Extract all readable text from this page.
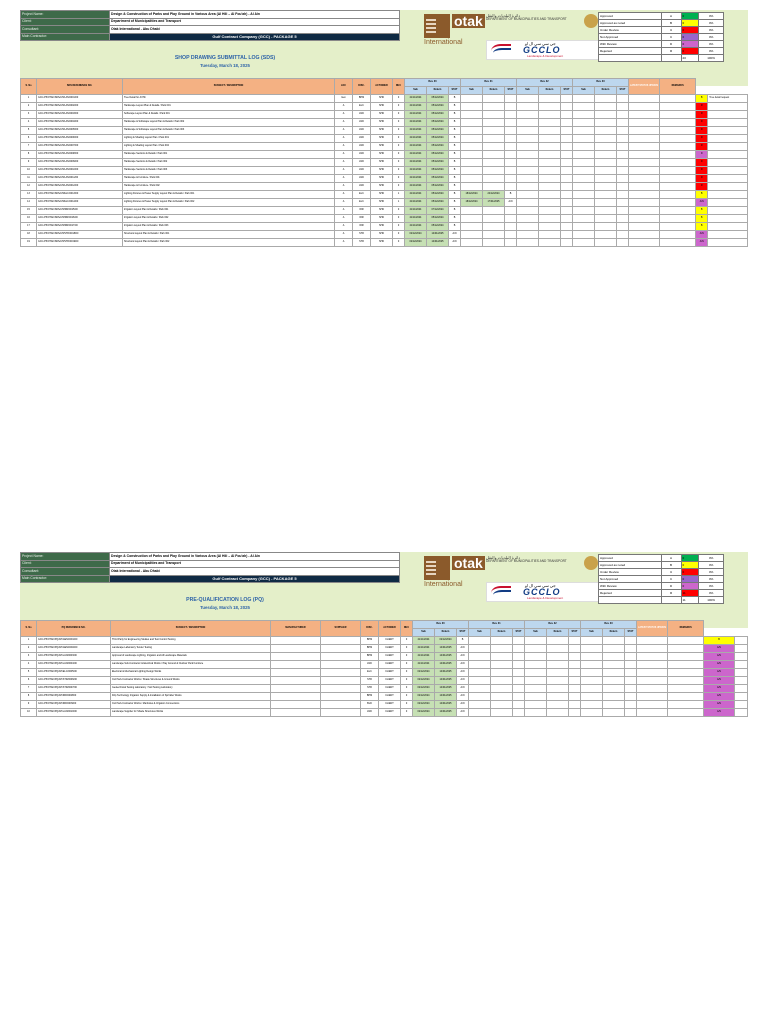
Project Name:	Design & Construction of Parks and Play Ground in Various Area (Al Hili – Al Fou'ah) - Al Ain
Client:	Department of Municipalities and Transport
Consultant:	Otak International - Abu Dhabi
Main Contractor:	Gulf Contract Company (GCC) - PACKAGE 5
SHOP DRAWING SUBMITTAL LOG (SDS)
Tuesday, March 18, 2025
otak
International
دائرة البلديات والنقل
DEPARTMENT OF MUNICIPALITIES AND TRANSPORT
جي سي سي ال او
GCCLO
Landscape & Development
Approved	A	0	0%
Approved as noted	B	0	0%
Under Review	U	0	0%
Not Approved	C	0	0%
With Review	D	0	0%
Rejected	R	0	0%
		20	100%
S. No	SDS REFERENCE NO.	SUBJECT / DESCRIPTION	LOC	DISC.	ACTIONER	REV.	Rev. 00			Rev. 01			Rev. 02			Rev. 03			LATEST STATUS UPDATE	REMARKS		
							Sub	Return	STAT	Sub	Return	STAT	Sub	Return	STAT	Sub	Return	STAT				
1	GCC-P5/OTAK/SDS/AH/LAN/0001/00	Tree Detail for Al Hili	Gen	BPM	SHD	0	21/11/2024	05/12/2024	B												B	Tree detail request
2	GCC-P5/OTAK/SDS/AH/LAN/0002/00	Hardscape Layout Plan & Details / Park 001	A	ELC	SHD	0	21/11/2024	05/12/2024	B												R	
3	GCC-P5/OTAK/SDS/AH/LAN/0003/00	Softscape Layout Plan & Details / Park 001	A	LND	SHD	0	21/11/2024	05/12/2024	B												R	
4	GCC-P5/OTAK/SDS/AH/LAN/0004/00	Hardscape & Softscape Layout Plan & Details / Park 002	A	LND	SHD	0	21/11/2024	05/12/2024	B												R	
5	GCC-P5/OTAK/SDS/AH/LAN/0005/00	Hardscape & Softscape Layout Plan & Details / Park 003	A	LND	SHD	0	21/11/2024	05/12/2024	B												R	
6	GCC-P5/OTAK/SDS/AH/LAN/0006/00	Lighting & Shading Layout Plan / Park 001	A	LND	SHD	0	21/11/2024	05/12/2024	B												R	
7	GCC-P5/OTAK/SDS/AH/LAN/0007/00	Lighting & Shading Layout Plan / Park 002	A	LND	SHD	0	21/11/2024	05/12/2024	B												R	
8	GCC-P5/OTAK/SDS/AH/LAN/0008/00	Hardscape Sections & Details / Park 001	A	LND	SHD	0	21/11/2024	05/12/2024	B												D	
9	GCC-P5/OTAK/SDS/AH/LAN/0009/00	Hardscape Sections & Details / Park 002	A	LND	SHD	0	21/11/2024	05/12/2024	B												R	
10	GCC-P5/OTAK/SDS/AH/LAN/0010/00	Hardscape Sections & Details / Park 003	A	LND	SHD	0	21/11/2024	05/12/2024	B												R	
11	GCC-P5/OTAK/SDS/AH/LAN/0011/00	Hardscape & Furniture / Park 001	A	LND	SHD	0	21/11/2024	05/12/2024	B												R	
12	GCC-P5/OTAK/SDS/AH/LAN/0012/00	Hardscape & Furniture / Park 002	A	LND	SHD	0	21/11/2024	05/12/2024	B												R	
13	GCC-P5/OTAK/SDS/AH/ELC/0013/00	Lighting Fixtures & Power Supply Layout Plan & Details / Park 001	A	ELC	SHD	1	21/11/2024	05/12/2024	B	18/12/2024	24/12/2024	B									B	
14	GCC-P5/OTAK/SDS/AH/ELC/0014/00	Lighting Fixtures & Power Supply Layout Plan & Details / Park 002	A	ELC	SHD	1	21/11/2024	05/12/2024	B	18/12/2024	17/01/2025	A/N									A/N	
15	GCC-P5/OTAK/SDS/AH/IRR/0015/00	Irrigation Layout Plan & Details / Park 001	A	IRR	SHD	0	21/11/2024	07/12/2024	B												B	
16	GCC-P5/OTAK/SDS/AH/IRR/0016/00	Irrigation Layout Plan & Details / Park 002	A	IRR	SHD	0	21/11/2024	05/12/2024	B												B	
17	GCC-P5/OTAK/SDS/AH/IRR/0017/00	Irrigation Layout Plan & Details / Park 003	A	IRR	SHD	0	21/11/2024	05/12/2024	B												B	
18	GCC-P5/OTAK/SDS/AH/STR/0018/00	Structural Layout Plan & Details / Park 001	A	STR	SHD	0	02/12/2024	14/01/2025	A/N												A/N	
19	GCC-P5/OTAK/SDS/AH/STR/0019/00	Structural Layout Plan & Details / Park 002	A	STR	SHD	0	02/12/2024	14/01/2025	A/N												A/N	
Project Name:	Design & Construction of Parks and Play Ground in Various Area (Al Hili – Al Fou'ah) - Al Ain
Client:	Department of Municipalities and Transport
Consultant:	Otak International - Abu Dhabi
Main Contractor:	Gulf Contract Company (GCC) - PACKAGE 5
PRE-QUALIFICATION LOG (PQ)
Tuesday, March 18, 2025
otak
International
دائرة البلديات والنقل
DEPARTMENT OF MUNICIPALITIES AND TRANSPORT
جي سي سي ال او
GCCLO
Landscape & Development
Approved	A	0	0%
Approved as noted	B	0	0%
Under Review	U	0	0%
Not Approved	C	0	0%
With Review	D	0	0%
Rejected	R	11	0%
		11	100%
S. No	PQ REFERENCE NO.	SUBJECT / DESCRIPTION	MANUFACTURER	SUPPLIER	DISC.	ACTIONER	REV.	Rev. 00			Rev. 01			Rev. 02			Rev. 03			LATEST STATUS UPDATE	REMARKS		
								Sub	Return	STAT	Sub	Return	STAT	Sub	Return	STAT	Sub	Return	STAT				
1	GCC-P5/OTAK/PQ/AH/GEN/0001/00	Third Party for Engineering Studies and Test Control Testing			BPM	CLIENT	0	21/11/2024	02/12/2024	B												B	
2	GCC-P5/OTAK/PQ/AH/GEN/0002/00	Landscape Laboratory Tender Testing			BPM	CLIENT	0	21/11/2024	14/01/2025	A/N												A/N	
3	GCC-P5/OTAK/PQ/AH/LAN/0003/00	Approval of Landscape Lighting, Irrigation and All Landscape Materials			BPM	CLIENT	0	21/11/2024	14/01/2025	A/N												A/N	
4	GCC-P5/OTAK/PQ/AH/LAN/0004/00	Landscape Sub-Contractor & Electrical Works / Play Ground & Outdoor Park Furniture			LND	CLIENT	0	21/11/2024	14/01/2025	A/N												A/N	
5	GCC-P5/OTAK/PQ/AH/ELC/0005/00	Electrical & Mechanical Lighting Design Works			ELC	CLIENT	0	02/12/2024	14/01/2025	A/N												A/N	
6	GCC-P5/OTAK/PQ/AH/STR/0006/00	Civil Sub-Contractor Works / Shade Structures & Ground Works			STR	CLIENT	0	02/12/2024	14/01/2025	A/N												A/N	
7	GCC-P5/OTAK/PQ/AH/STR/0007/00	Geotechnical Testing Laboratory / Soil Testing Laboratory			STR	CLIENT	0	02/12/2024	14/01/2025	A/N												A/N	
8	GCC-P5/OTAK/PQ/AH/IRR/0008/00	Drip Technology Irrigation Supply & Installation of Sprinkler Works			BPM	CLIENT	0	02/12/2024	14/01/2025	A/N												A/N	
9	GCC-P5/OTAK/PQ/AH/IRR/0009/00	Civil Sub-Contractor Works / Manholes & Irrigation Connections			BLD	CLIENT	0	02/12/2024	14/01/2025	A/N												A/N	
10	GCC-P5/OTAK/PQ/AH/LAN/0010/00	Landscape Supplier for Shade Structures Works			LND	CLIENT	0	02/12/2024	14/01/2025	A/N												A/N	
